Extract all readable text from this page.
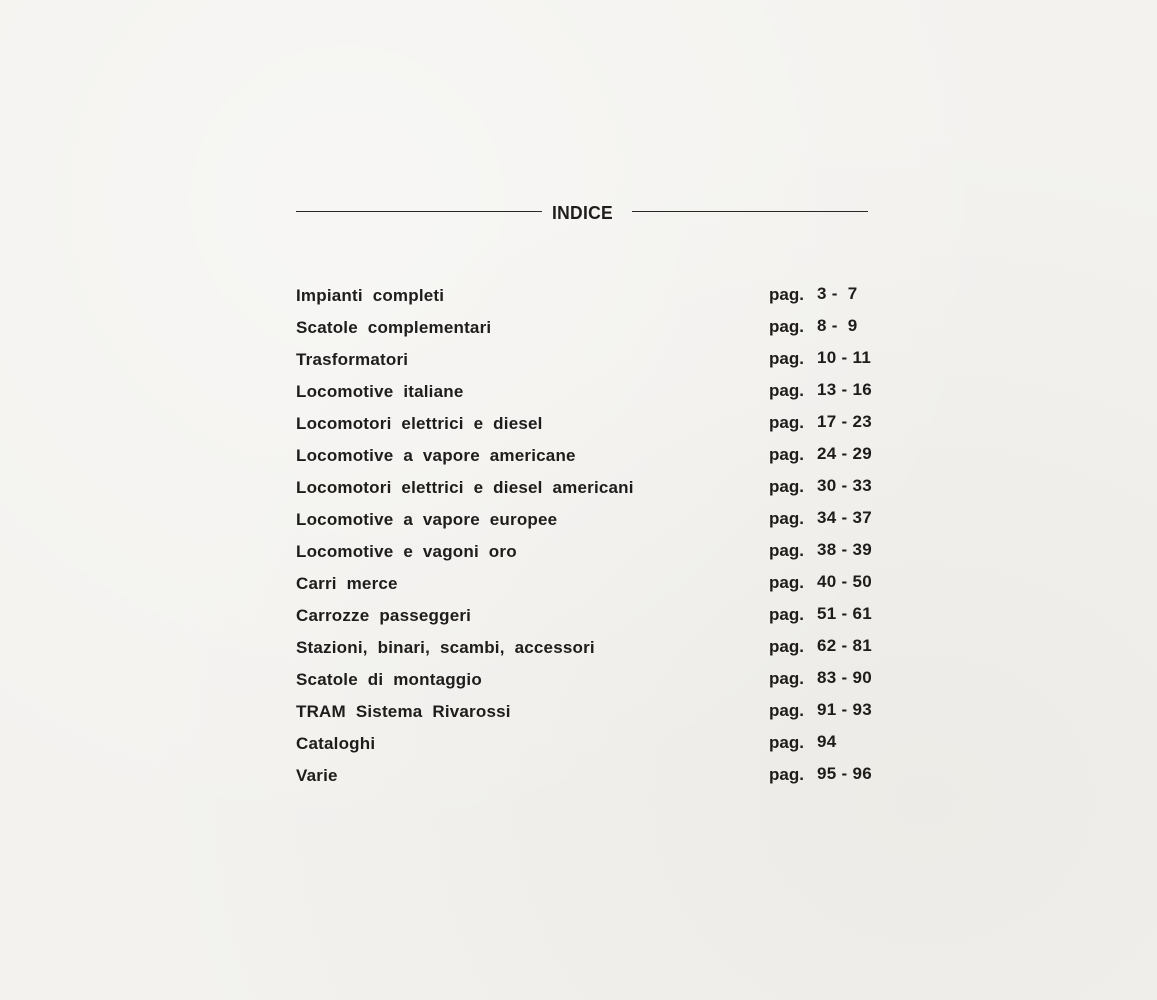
INDICE
Impianti completi	pag. 3 -  7
Scatole complementari	pag. 8 -  9
Trasformatori	pag. 10 - 11
Locomotive italiane	pag. 13 - 16
Locomotori elettrici e diesel	pag. 17 - 23
Locomotive a vapore americane	pag. 24 - 29
Locomotori elettrici e diesel americani	pag. 30 - 33
Locomotive a vapore europee	pag. 34 - 37
Locomotive e vagoni oro	pag. 38 - 39
Carri merce	pag. 40 - 50
Carrozze passeggeri	pag. 51 - 61
Stazioni, binari, scambi, accessori	pag. 62 - 81
Scatole di montaggio	pag. 83 - 90
TRAM Sistema Rivarossi	pag. 91 - 93
Cataloghi	pag. 94
Varie	pag. 95 - 96
